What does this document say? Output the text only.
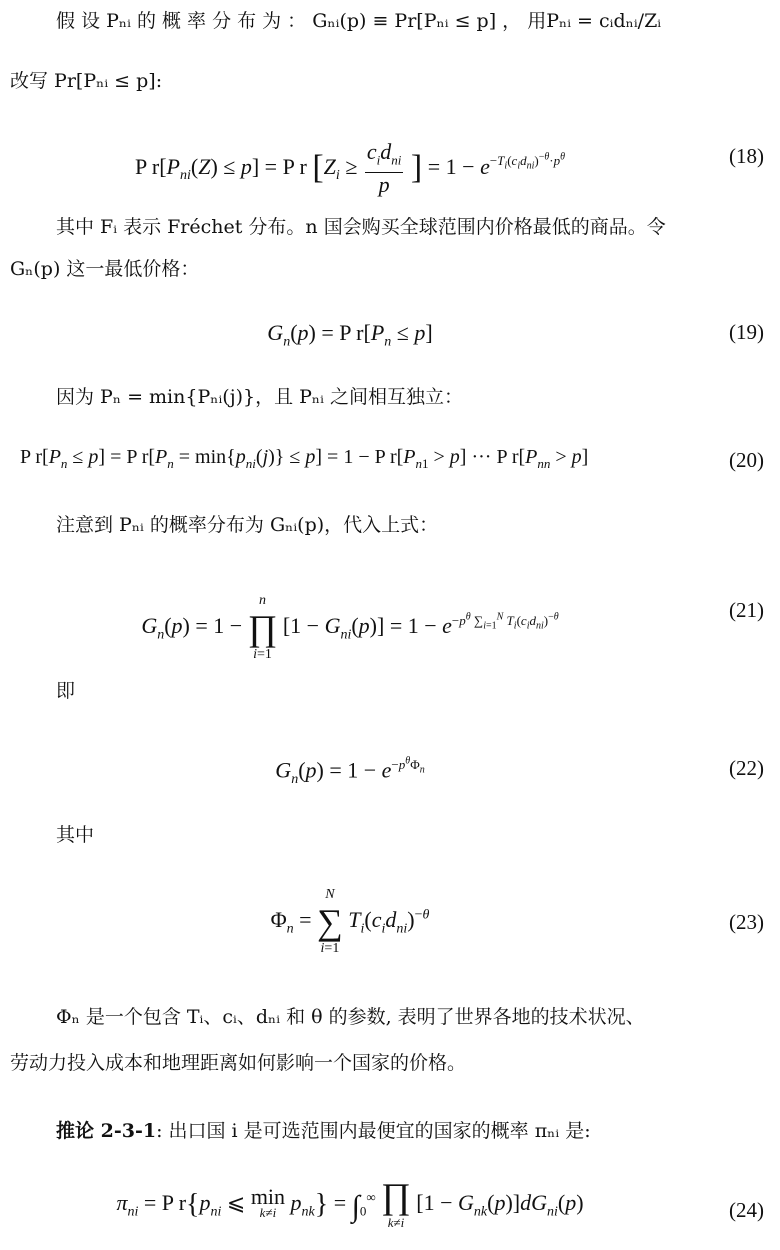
假 设 Pₙᵢ 的 概 率 分 布 为 ： Gₙᵢ(p) ≡ Pr[Pₙᵢ ≤ p] ， 用Pₙᵢ = cᵢdₙᵢ/Zᵢ
改写 Pr[Pₙᵢ ≤ p]:
P $r[P_{ni}(Z) \le p] = P$ r [$Z_i$ ≥
$c_id_{ni}$
p ] = $1 - e^{-T_i(c_id_{ni})^{-\theta}\cdot p^\theta}$	(18)
其中 Fᵢ 表示 Fréchet 分布。n 国会购买全球范围内价格最低的商品。令
Gₙ(p) 这一最低价格：
$G_n(p) = P$ $r[P_n \le p]$	(19)
因为 Pₙ = min{Pₙᵢ(j)}，且 Pₙᵢ 之间相互独立：
P $r[P_n \le p] = P$ $r[P_n = \min\{p_{ni}(j)\} \le p] = 1 - P$ $r[P_{n1} > p]$ ··· P $r[P_{nn} > p]$	(20)
注意到 Pₙᵢ 的概率分布为 Gₙᵢ(p)，代入上式：
$G_n(p) = 1$ −
n
∏
i=1
$[1 - G_{ni}(p)] = 1 - e^{-p^\theta \sum_{i=1}^N T_i(c_id_{ni})^{-\theta}}$	(21)
即
$G_n(p) = 1 - e^{-p^\theta\Phi_n}$	(22)
其中
$\Phi_n$ =
N
∑
i=1
$T_i(c_id_{ni})^{-\theta}$	(23)
Φₙ 是一个包含 Tᵢ、cᵢ、dₙᵢ 和 θ 的参数, 表明了世界各地的技术状况、
劳动力投入成本和地理距离如何影响一个国家的价格。
推论 2-3-1: 出口国 i 是可选范围内最便宜的国家的概率 πₙᵢ 是:
$\pi_{ni} = P$ $r\{p_{ni}$ ⩽ min
k≠i $p_{nk}\} = \int_0^\infty$ ∏
k≠i
$[1 - G_{nk}(p)]dG_{ni}(p)$	(24)
